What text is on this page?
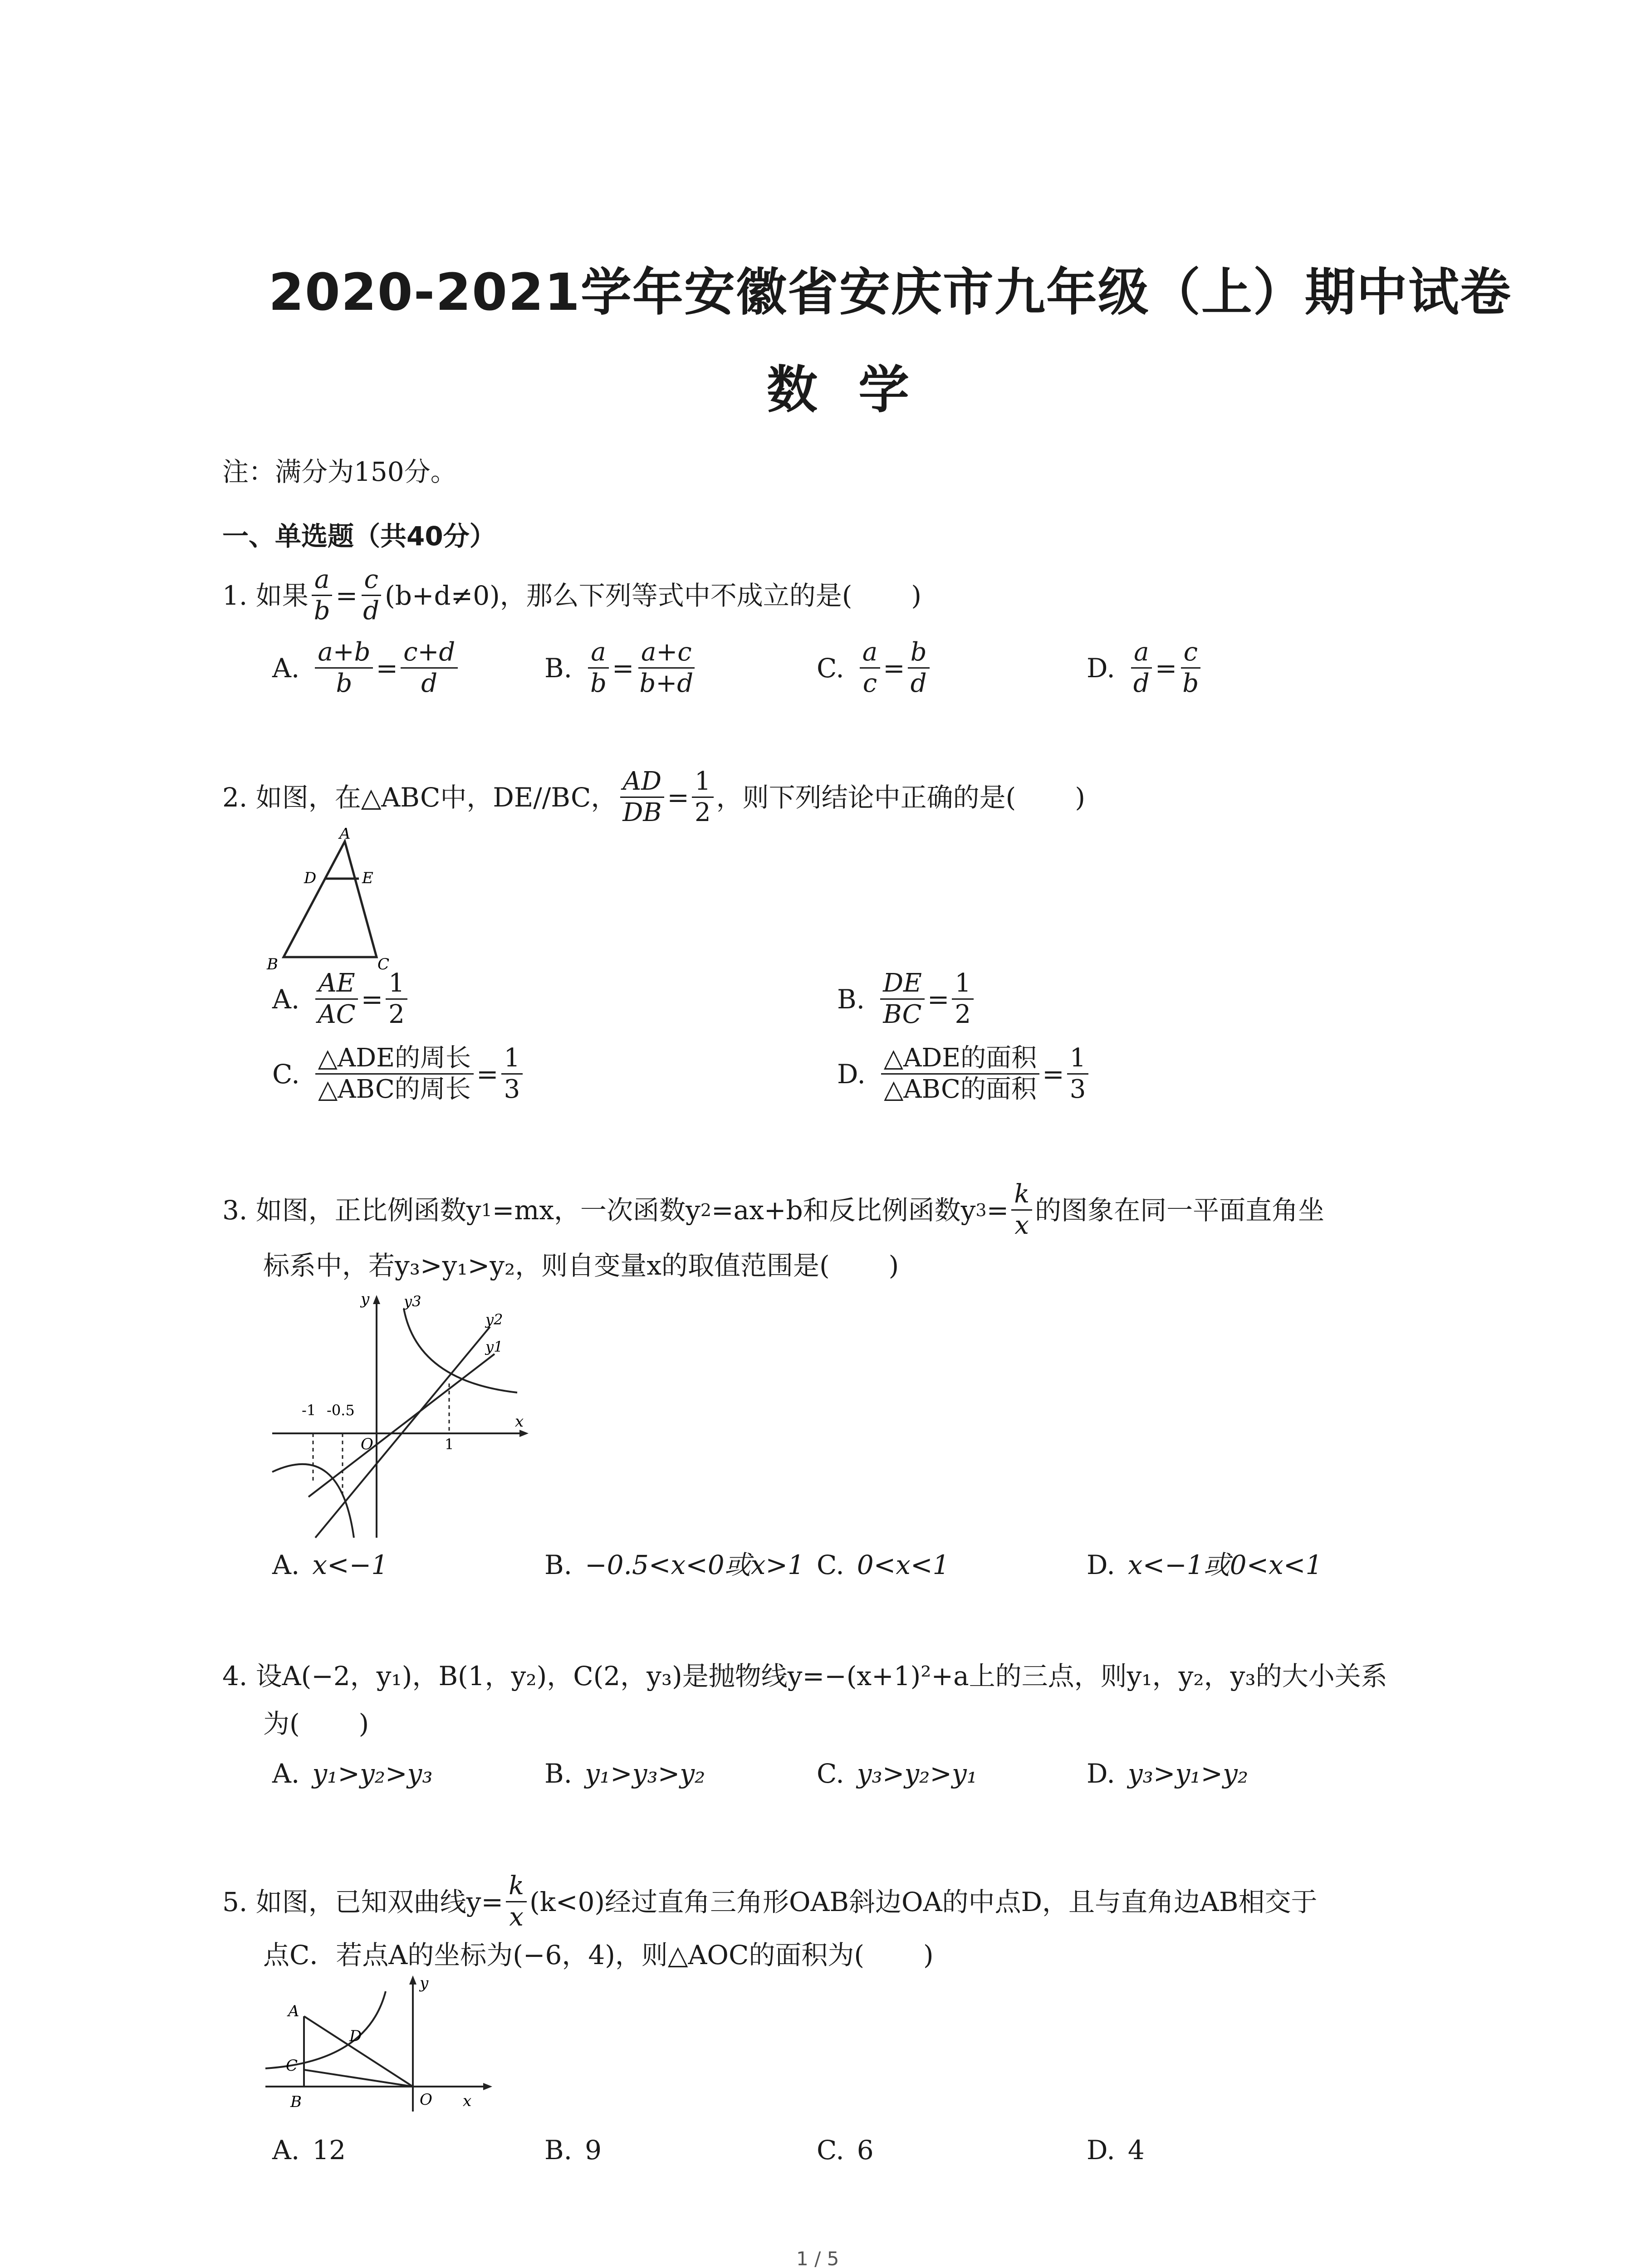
2020-2021学年安徽省安庆市九年级（上）期中试卷
数学
注：满分为150分。
一、单选题（共40分）
1.
如果 $\frac{a}{b} = \frac{c}{d} (b+d\ne 0)$，那么下列等式中不成立的是( )
A. $\frac{a+b}{b} = \frac{c+d}{d}$	B. $\frac{a}{b} = \frac{a+c}{b+d}$	C. $\frac{a}{c} = \frac{b}{d}$	D. $\frac{a}{d} = \frac{c}{b}$
2.
如图，在△ABC中，DE//BC， $\frac{AD}{DB} = \frac{1}{2}$ ，则下列结论中正确的是( )
A
D	E
B	C
A. $\frac{AE}{AC} = \frac{1}{2}$	B. $\frac{DE}{BC} = \frac{1}{2}$
C. $\frac{\text{△ADE的周长}}{\text{△ABC的周长}} = \frac{1}{3}$	D. $\frac{\text{△ADE的面积}}{\text{△ABC的面积}} = \frac{1}{3}$
3.
如图，正比例函数y 1 =mx，一次函数y 2 =ax+b和反比例函数y $3 = \frac{k}{x}$ 的图象在同一平面直角坐
标系中，若y₃>y₁>y₂，则自变量x的取值范围是( )
y y3
y2
y1
-1 -0.5
O	1
x
A. x<−1	B. −0.5<x<0或x>1 C. 0<x<1	D. x<−1或0<x<1
4. 设A(−2，y₁)，B(1，y₂)，C(2，y₃)是抛物线y=−(x+1)²+a上的三点，则y₁，y₂，y₃的大小关系
为( )
A. y₁>y₂>y₃	B. y₁>y₃>y₂	C. y₃>y₂>y₁	D. y₃>y₁>y₂
5.
如图，已知双曲线$y= \frac{k}{x} (k<0)$经过直角三角形OAB斜边OA的中点D，且与直角边AB相交于
点C．若点A的坐标为(−6，4)，则△AOC的面积为( )
A
D
C
B	O
y
x
A. 12	B. 9	C. 6	D. 4
1 / 5
